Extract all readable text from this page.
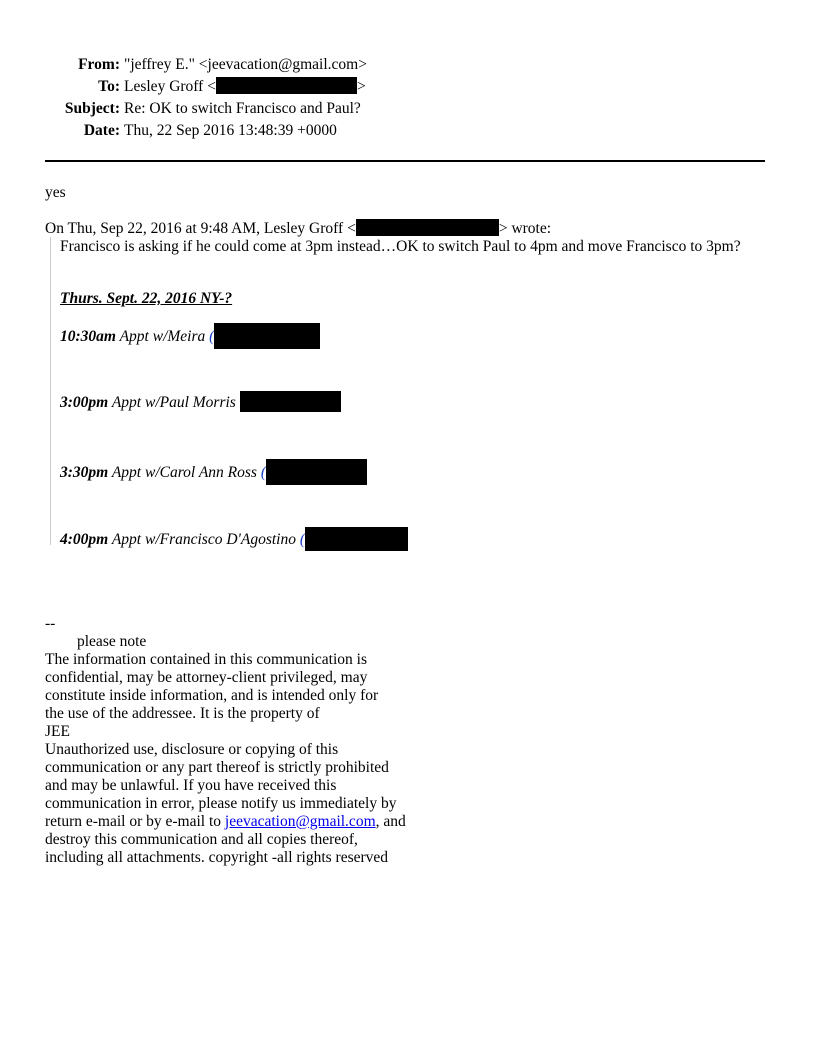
From: "jeffrey E." <jeevacation@gmail.com>
To: Lesley Groff <	>
Subject: Re: OK to switch Francisco and Paul?
Date: Thu, 22 Sep 2016 13:48:39 +0000
yes
On Thu, Sep 22, 2016 at 9:48 AM, Lesley Groff <	> wrote:
Francisco is asking if he could come at 3pm instead…OK to switch Paul to 4pm and move Francisco to 3pm?
Thurs. Sept. 22, 2016 NY-?
10:30am Appt w/Meira (
3:00pm Appt w/Paul Morris
3:30pm Appt w/Carol Ann Ross (
4:00pm Appt w/Francisco D'Agostino (
--
please note
The information contained in this communication is
confidential, may be attorney-client privileged, may
constitute inside information, and is intended only for
the use of the addressee. It is the property of
JEE
Unauthorized use, disclosure or copying of this
communication or any part thereof is strictly prohibited
and may be unlawful. If you have received this
communication in error, please notify us immediately by
return e-mail or by e-mail to jeevacation@gmail.com, and
destroy this communication and all copies thereof,
including all attachments. copyright -all rights reserved
